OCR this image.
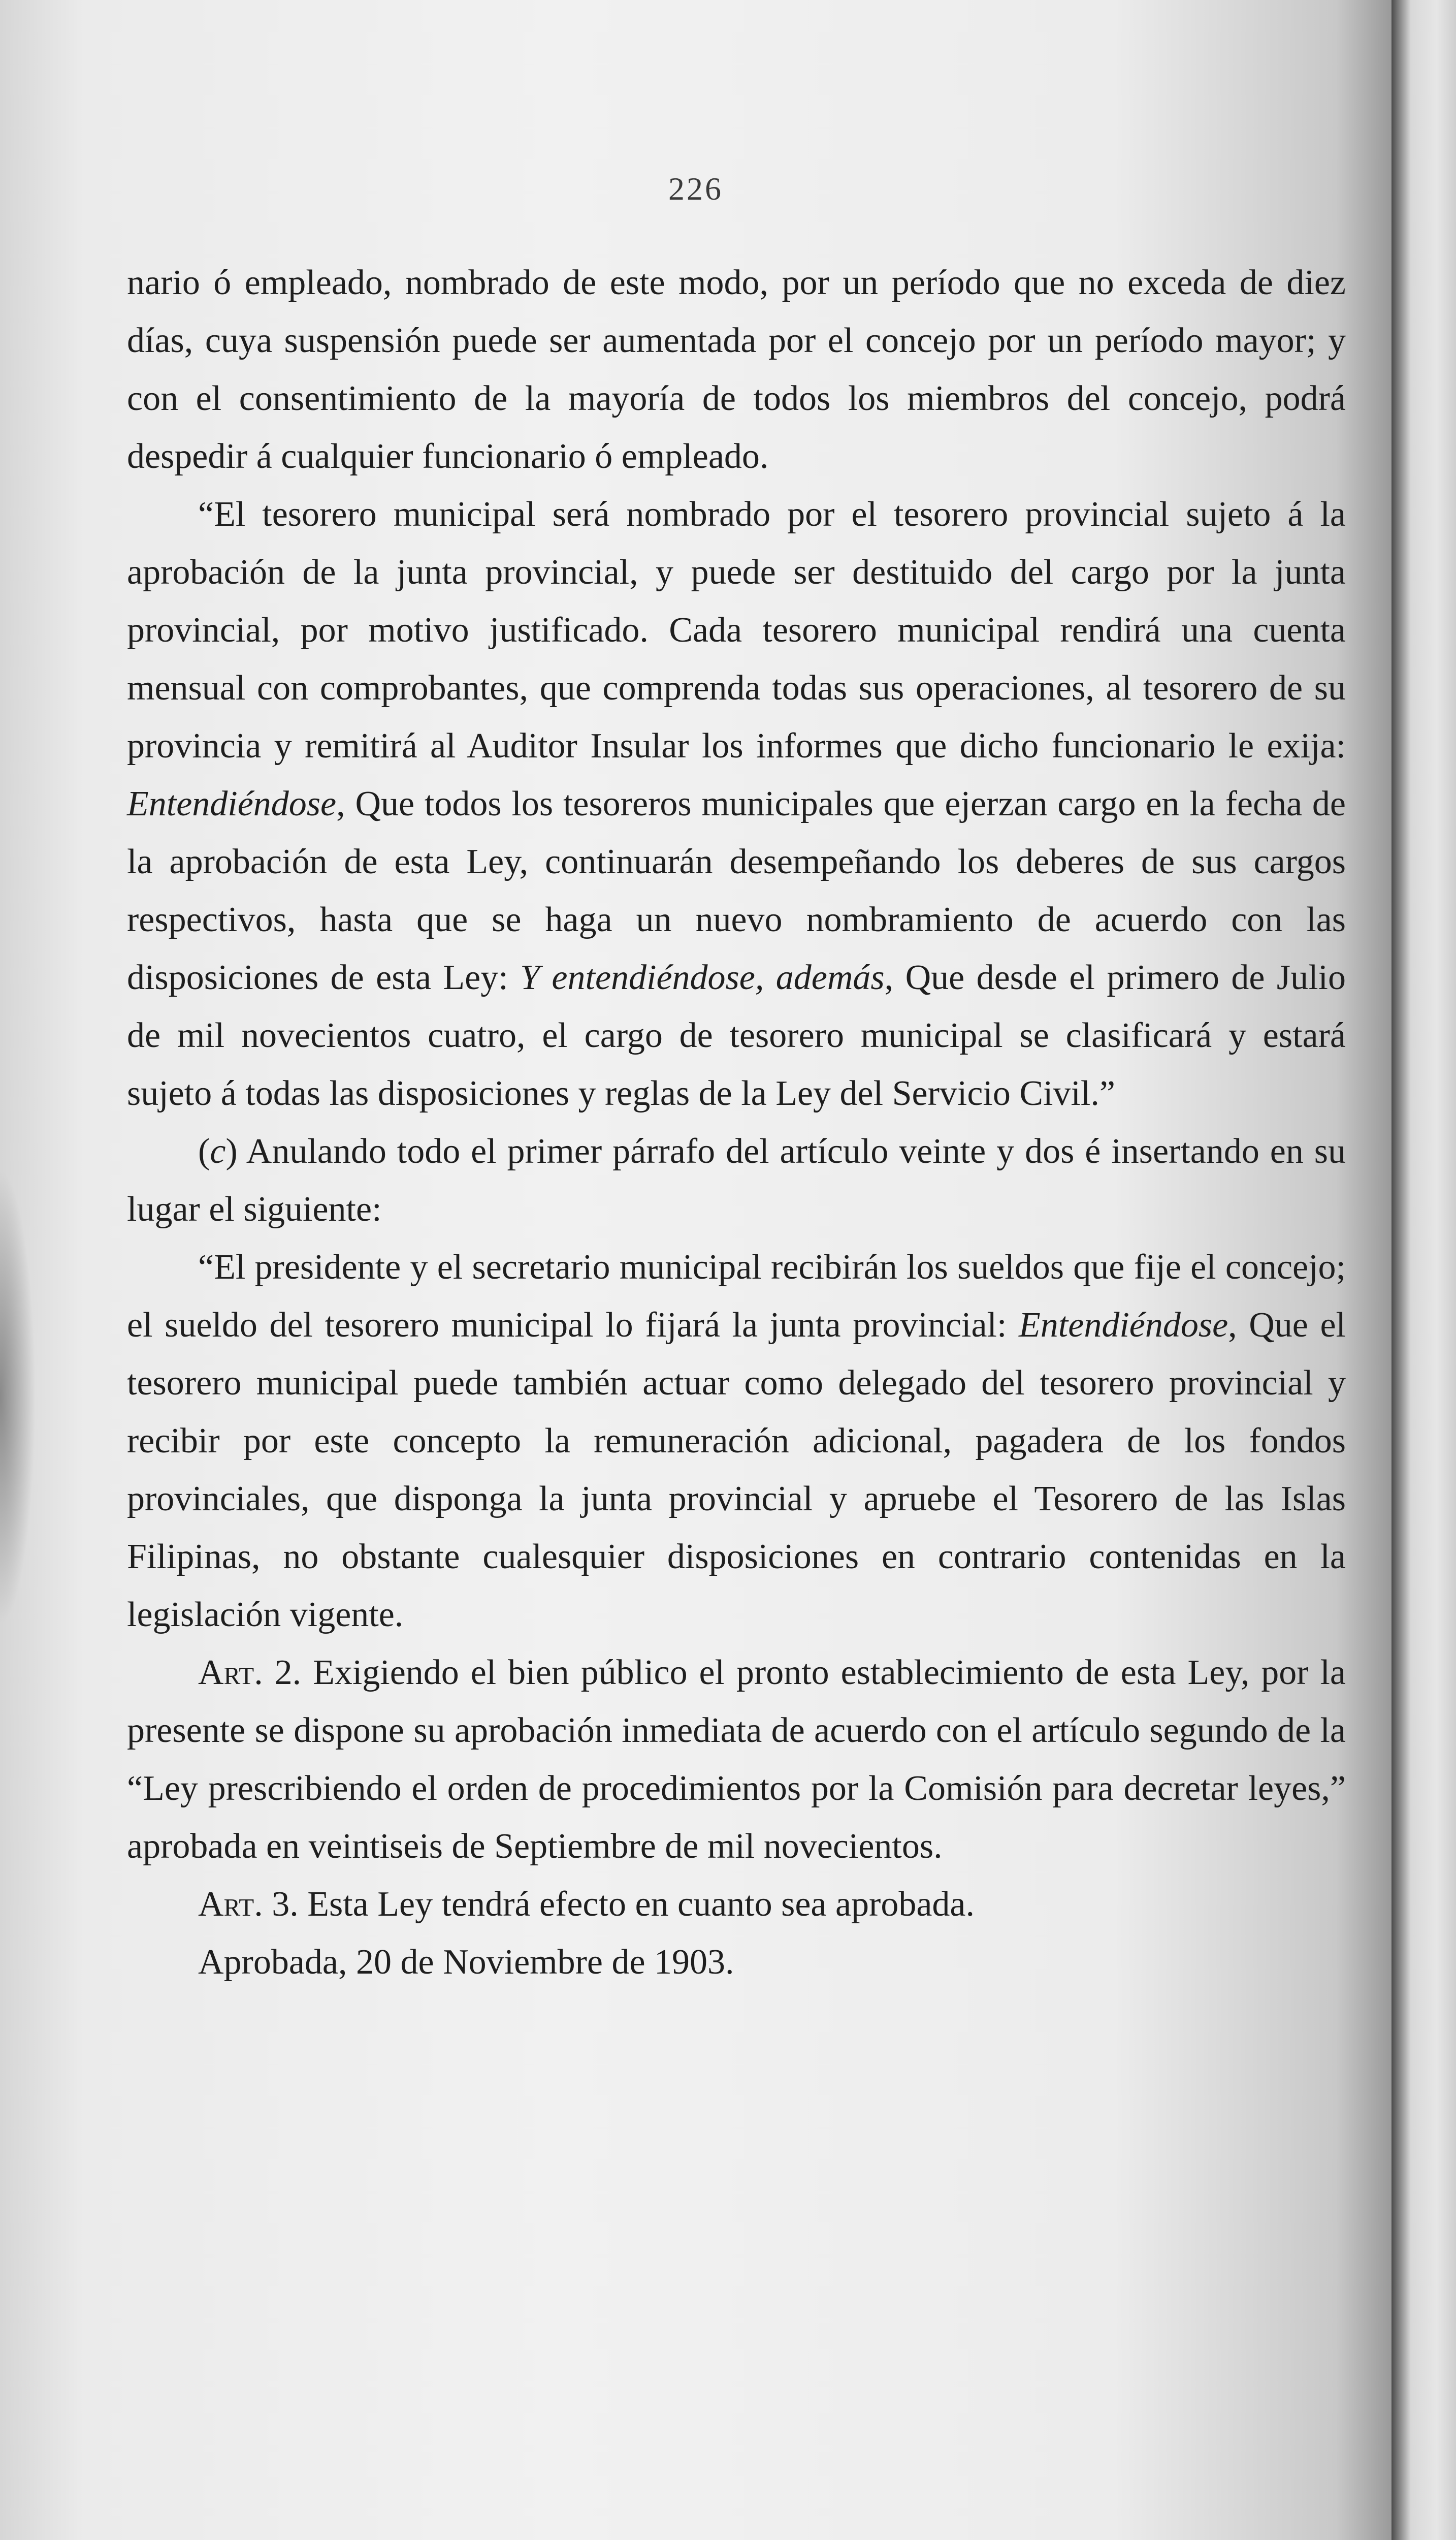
226

nario ó empleado, nombrado de este modo, por un período que no exceda de diez días, cuya suspensión puede ser aumentada por el concejo por un período mayor; y con el consentimiento de la mayoría de todos los miembros del concejo, podrá despedir á cualquier funcionario ó empleado.

“El tesorero municipal será nombrado por el tesorero provincial sujeto á la aprobación de la junta provincial, y puede ser destituido del cargo por la junta provincial, por motivo justificado. Cada tesorero municipal rendirá una cuenta mensual con comprobantes, que comprenda todas sus operaciones, al tesorero de su provincia y remitirá al Auditor Insular los informes que dicho funcionario le exija: Entendiéndose, Que todos los tesoreros municipales que ejerzan cargo en la fecha de la aprobación de esta Ley, continuarán desempeñando los deberes de sus cargos respectivos, hasta que se haga un nuevo nombramiento de acuerdo con las disposiciones de esta Ley: Y entendiéndose, además, Que desde el primero de Julio de mil novecientos cuatro, el cargo de tesorero municipal se clasificará y estará sujeto á todas las disposiciones y reglas de la Ley del Servicio Civil.”

(c) Anulando todo el primer párrafo del artículo veinte y dos é insertando en su lugar el siguiente:

“El presidente y el secretario municipal recibirán los sueldos que fije el concejo; el sueldo del tesorero municipal lo fijará la junta provincial: Entendiéndose, Que el tesorero municipal puede también actuar como delegado del tesorero provincial y recibir por este concepto la remuneración adicional, pagadera de los fondos provinciales, que disponga la junta provincial y apruebe el Tesorero de las Islas Filipinas, no obstante cualesquier disposiciones en contrario contenidas en la legislación vigente.

Art. 2. Exigiendo el bien público el pronto establecimiento de esta Ley, por la presente se dispone su aprobación inmediata de acuerdo con el artículo segundo de la “Ley prescribiendo el orden de procedimientos por la Comisión para decretar leyes,” aprobada en veintiseis de Septiembre de mil novecientos.

Art. 3. Esta Ley tendrá efecto en cuanto sea aprobada.

Aprobada, 20 de Noviembre de 1903.
